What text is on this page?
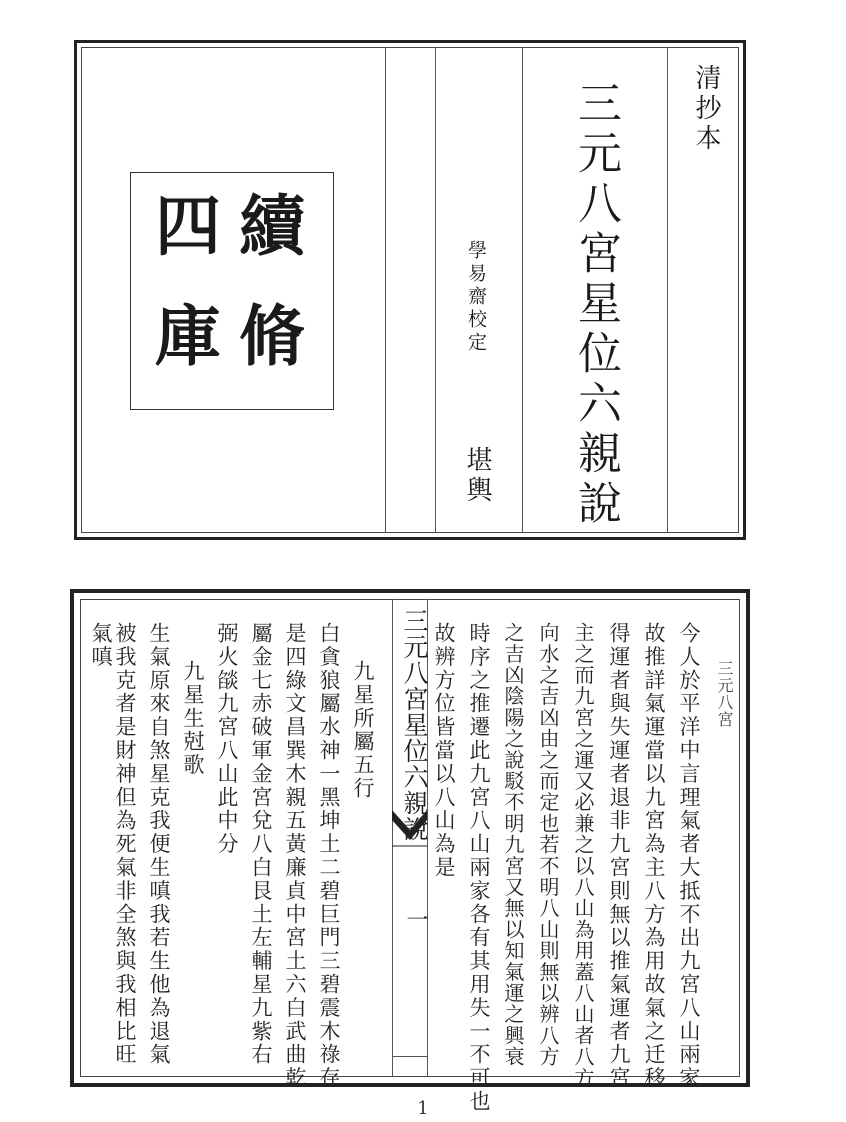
續
脩
四
庫
清抄本
三元八宮星位六親說
學易齋校定
堪輿
三元八宮星位六親說
一
三元八宮
今人於平洋中言理氣者大抵不出九宮八山兩家
故推詳氣運當以九宮為主八方為用故氣之迁移
得運者與失運者退非九宮則無以推氣運者九宮
主之而九宮之運又必兼之以八山為用蓋八山者八方
向水之吉凶由之而定也若不明八山則無以辨八方
之吉凶陰陽之說駁不明九宮又無以知氣運之興衰
時序之推遷此九宮八山兩家各有其用失一不可也
故辨方位皆當以八山為是
九星所屬五行
白貪狼屬水神一黑坤土二碧巨門三碧震木祿存
是四綠文昌巽木親五黃廉貞中宮土六白武曲乾
屬金七赤破軍金宮兌八白艮土左輔星九紫右
弼火燄九宮八山此中分
九星生尅歌
生氣原來自煞星克我便生嗔我若生他為退氣
被我克者是財神但為死氣非全煞與我相比旺
氣嗔
1
